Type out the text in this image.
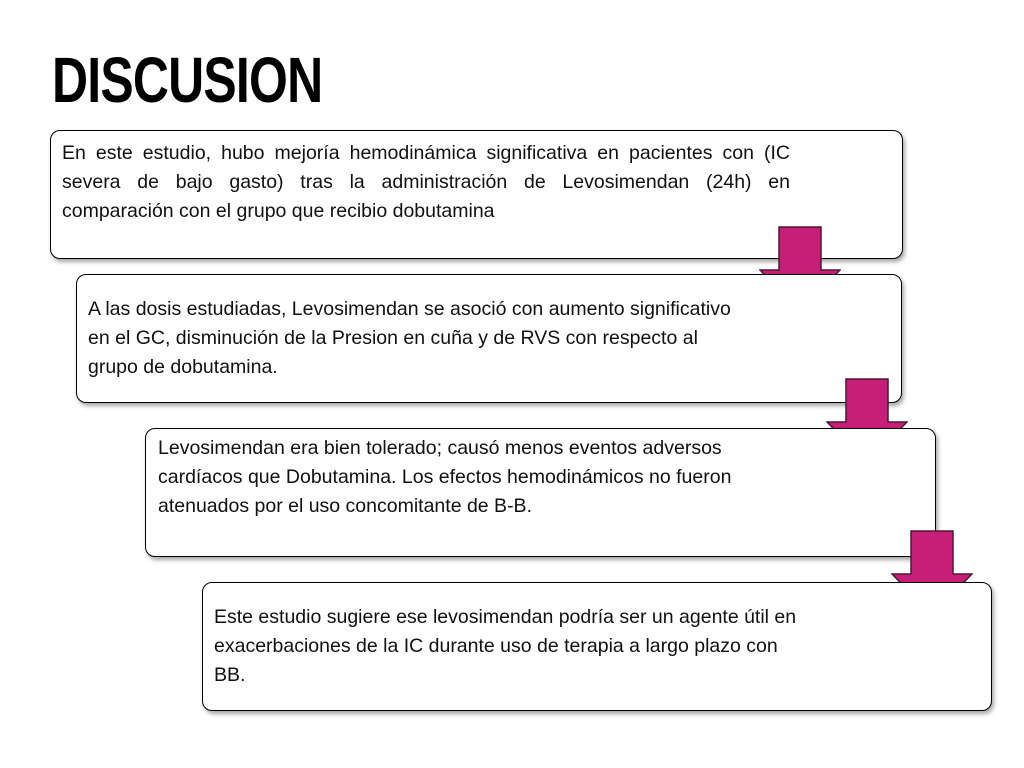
DISCUSION

En este estudio, hubo mejoría hemodinámica significativa en pacientes con (IC severa de bajo gasto) tras la administración de Levosimendan (24h) en comparación con el grupo que recibio dobutamina

A las dosis estudiadas, Levosimendan se asoció con aumento significativo en el GC, disminución de la Presion en cuña y de RVS con respecto al grupo de dobutamina.

Levosimendan era bien tolerado; causó menos eventos adversos cardíacos que Dobutamina. Los efectos hemodinámicos no fueron atenuados por el uso concomitante de B-B.

Este estudio sugiere ese levosimendan podría ser un agente útil en exacerbaciones de la IC durante uso de terapia a largo plazo con BB.
